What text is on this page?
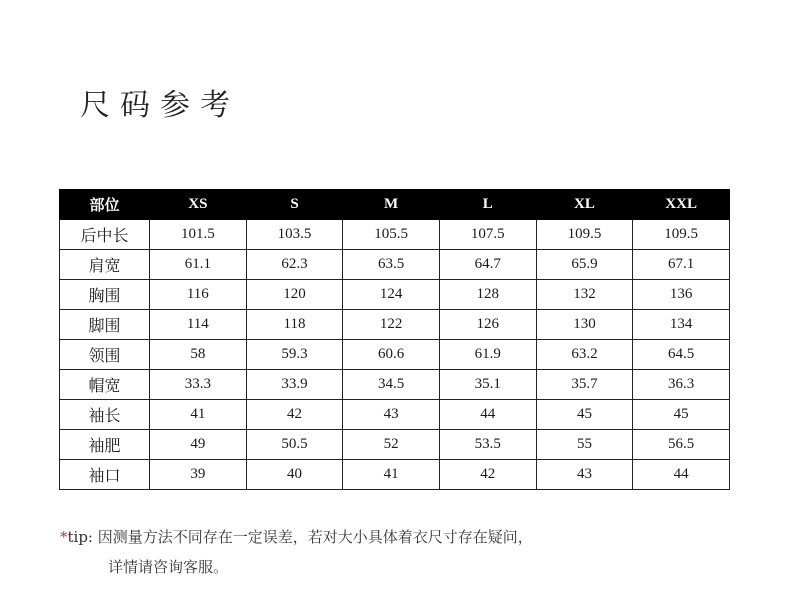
尺码参考
部位	XS	S	M	L	XL	XXL
后中长	101.5	103.5	105.5	107.5	109.5	109.5
肩宽	61.1	62.3	63.5	64.7	65.9	67.1
胸围	116	120	124	128	132	136
脚围	114	118	122	126	130	134
领围	58	59.3	60.6	61.9	63.2	64.5
帽宽	33.3	33.9	34.5	35.1	35.7	36.3
袖长	41	42	43	44	45	45
袖肥	49	50.5	52	53.5	55	56.5
袖口	39	40	41	42	43	44
*tip: 因测量方法不同存在一定误差，若对大小具体着衣尺寸存在疑问，
详情请咨询客服。
